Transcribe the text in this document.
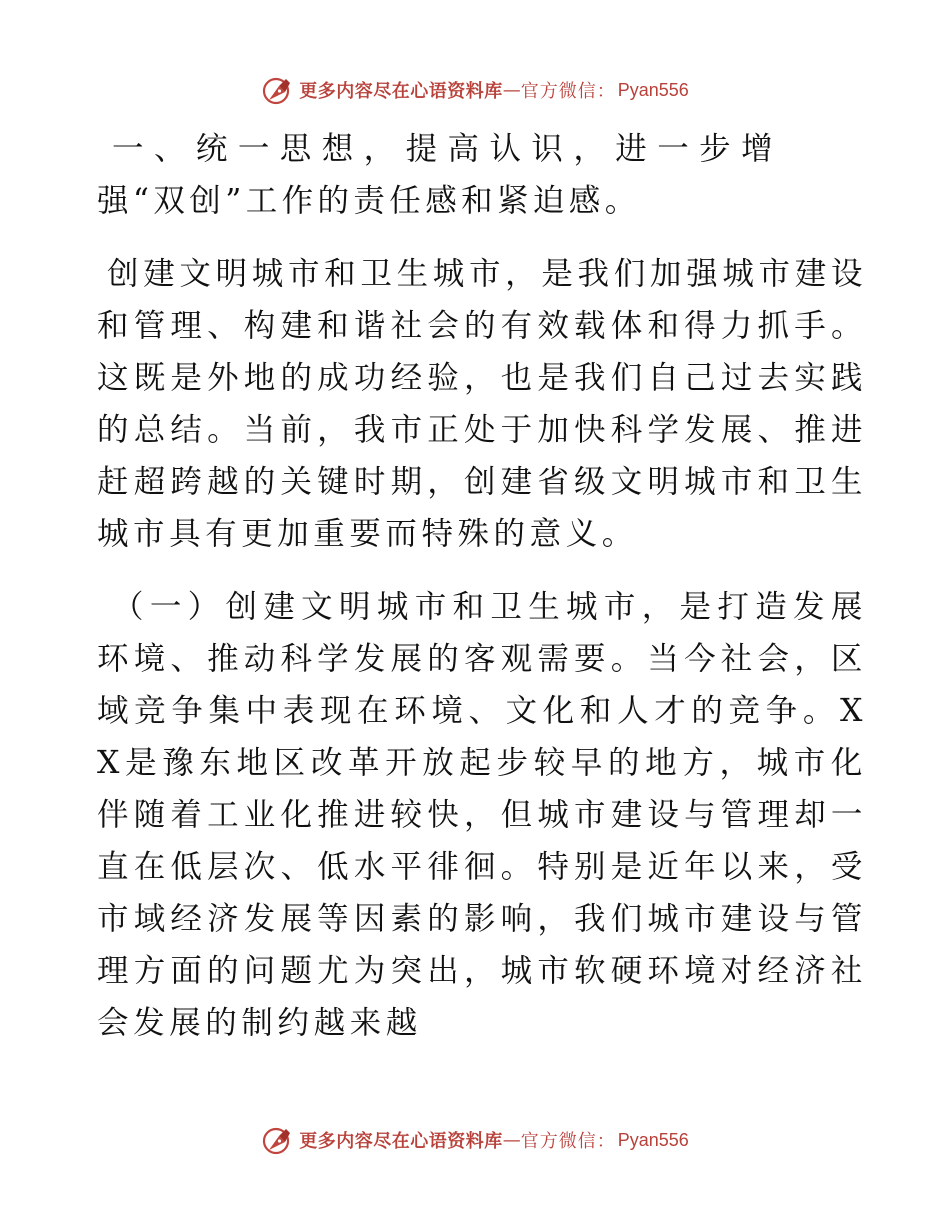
更多内容尽在心语资料库 — 官方微信： Pyan556

一、统一思想，提高认识，进一步增强“双创”工作的责任感和紧迫感。

创建文明城市和卫生城市，是我们加强城市建设和管理、构建和谐社会的有效载体和得力抓手。这既是外地的成功经验，也是我们自己过去实践的总结。当前，我市正处于加快科学发展、推进赶超跨越的关键时期，创建省级文明城市和卫生城市具有更加重要而特殊的意义。

（一）创建文明城市和卫生城市，是打造发展环境、推动科学发展的客观需要。当今社会，区域竞争集中表现在环境、文化和人才的竞争。XX是豫东地区改革开放起步较早的地方，城市化伴随着工业化推进较快，但城市建设与管理却一直在低层次、低水平徘徊。特别是近年以来，受市域经济发展等因素的影响，我们城市建设与管理方面的问题尤为突出，城市软硬环境对经济社会发展的制约越来越

更多内容尽在心语资料库 — 官方微信： Pyan556
